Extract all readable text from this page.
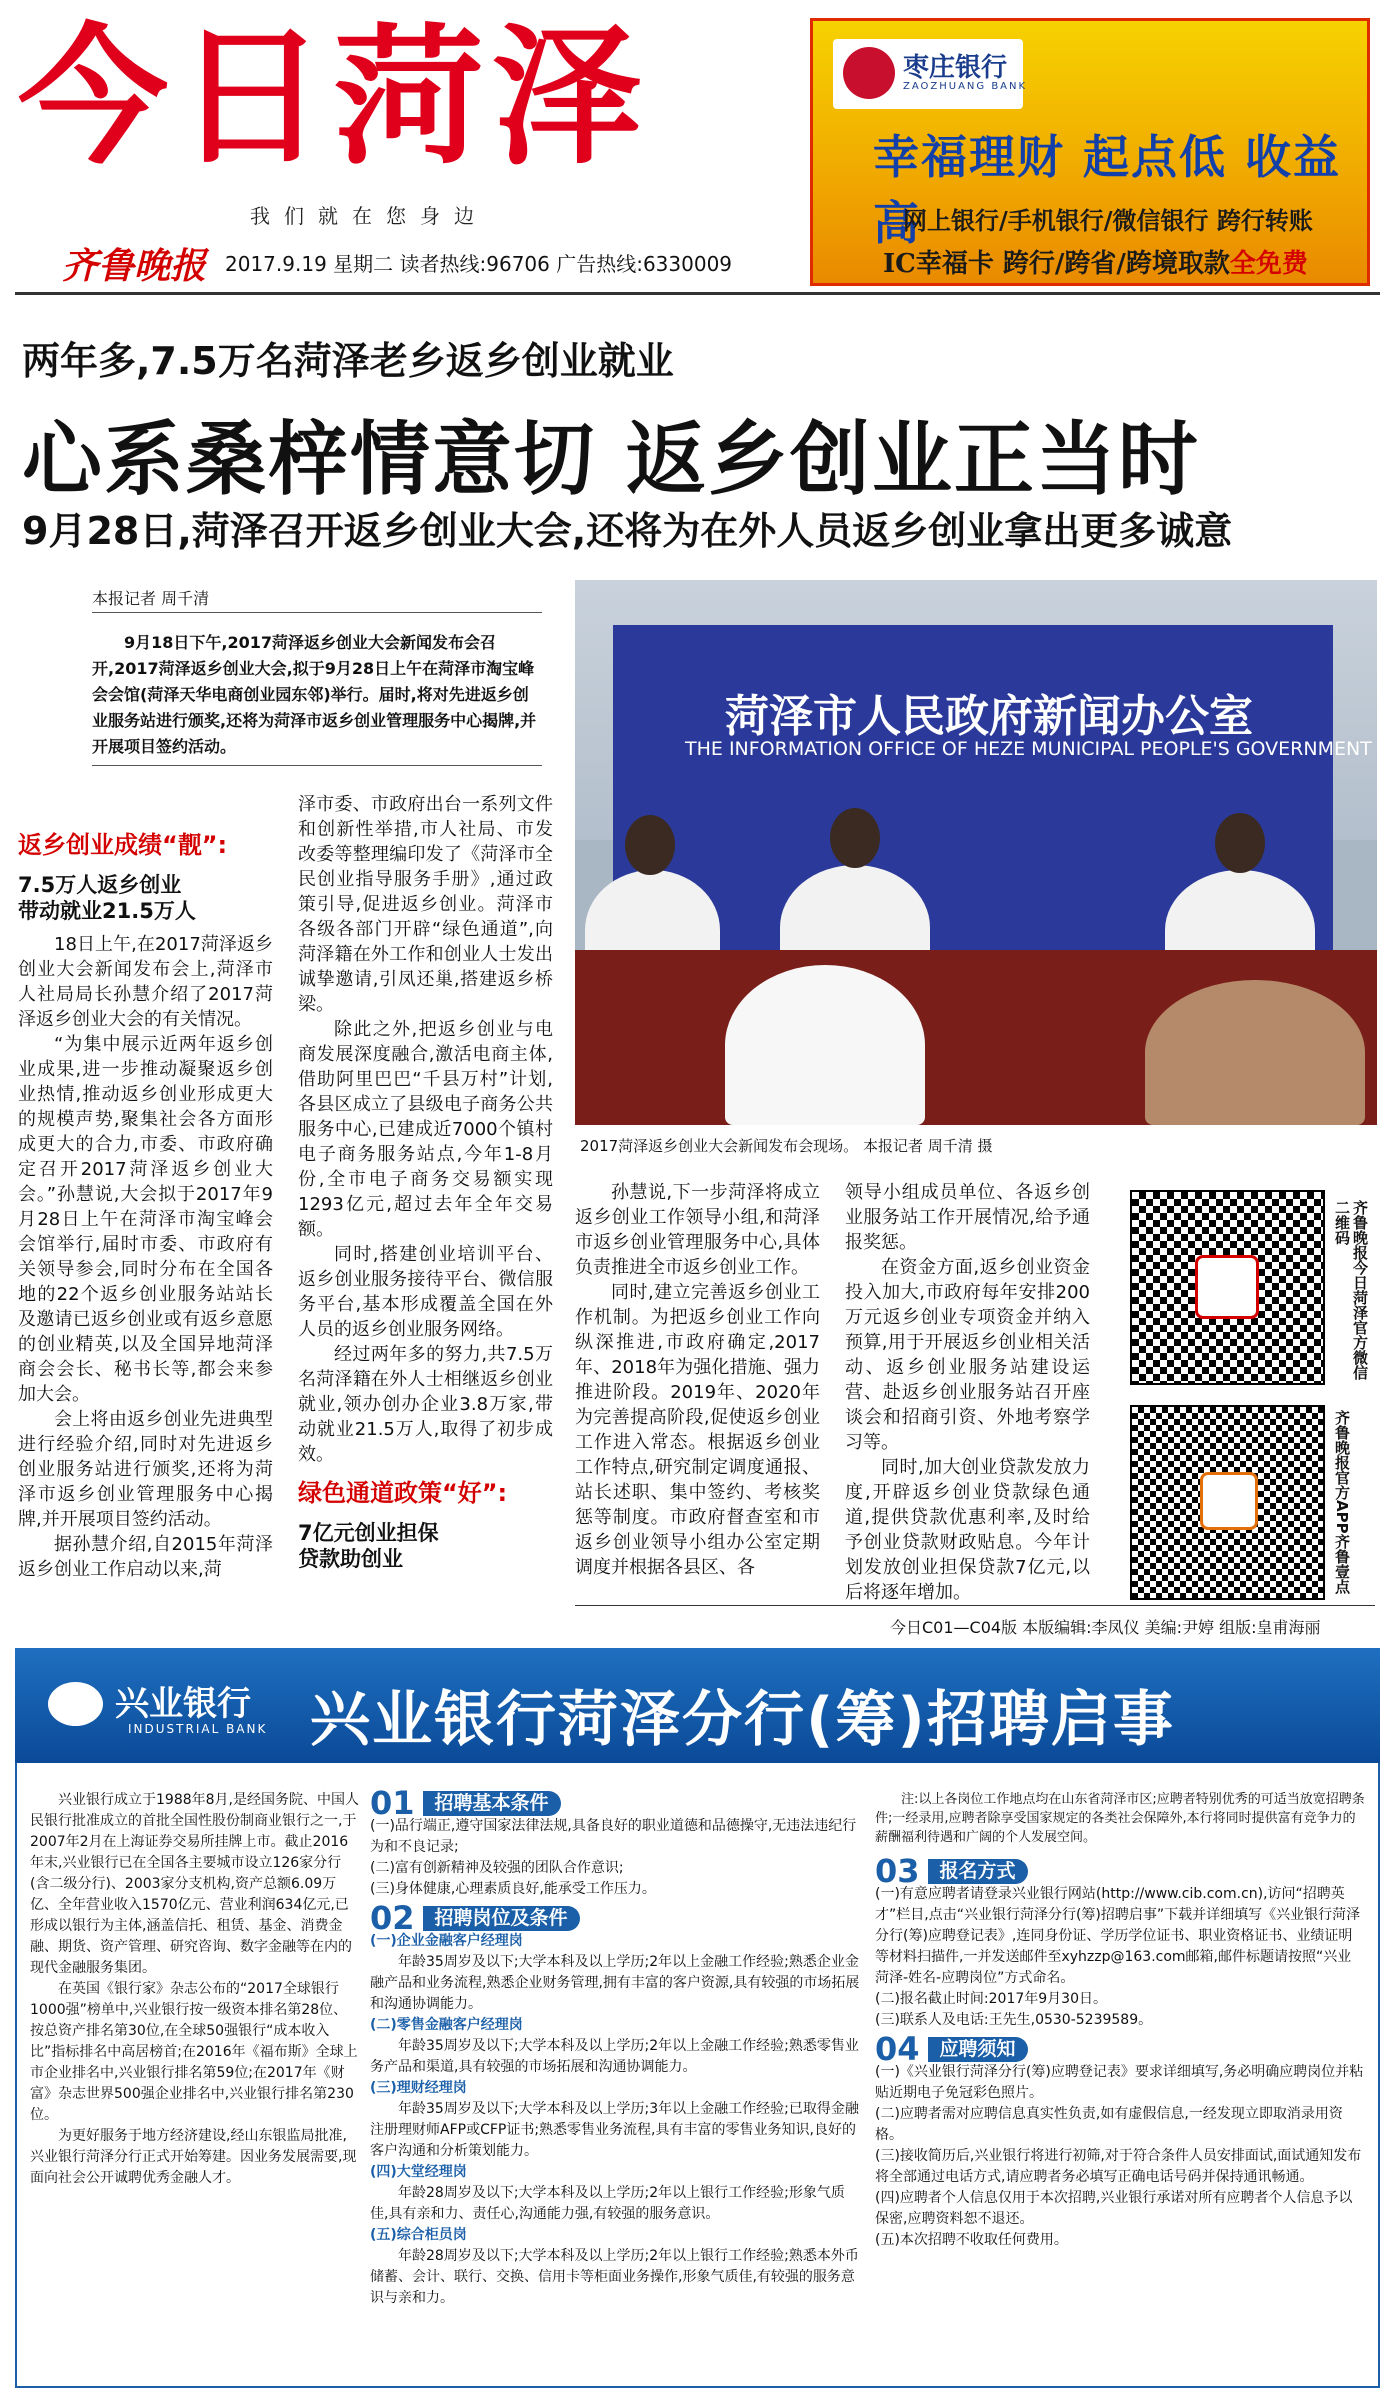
今日菏泽
我们就在您身边
齐鲁晚报 2017.9.19 星期二 读者热线:96706 广告热线:6330009
枣庄银行
ZAOZHUANG BANK
幸福理财 起点低 收益高
网上银行/手机银行/微信银行 跨行转账
IC幸福卡 跨行/跨省/跨境取款全免费
两年多,7.5万名菏泽老乡返乡创业就业
心系桑梓情意切 返乡创业正当时
9月28日,菏泽召开返乡创业大会,还将为在外人员返乡创业拿出更多诚意
本报记者 周千清
9月18日下午,2017菏泽返乡创业大会新闻发布会召开,2017菏泽返乡创业大会,拟于9月28日上午在菏泽市淘宝峰会会馆(菏泽天华电商创业园东邻)举行。届时,将对先进返乡创业服务站进行颁奖,还将为菏泽市返乡创业管理服务中心揭牌,并开展项目签约活动。
菏泽市人民政府新闻办公室
THE INFORMATION OFFICE OF HEZE MUNICIPAL PEOPLE'S GOVERNMENT
2017菏泽返乡创业大会新闻发布会现场。 本报记者 周千清 摄
返乡创业成绩“靓”:
7.5万人返乡创业
带动就业21.5万人

18日上午,在2017菏泽返乡创业大会新闻发布会上,菏泽市人社局局长孙慧介绍了2017菏泽返乡创业大会的有关情况。

“为集中展示近两年返乡创业成果,进一步推动凝聚返乡创业热情,推动返乡创业形成更大的规模声势,聚集社会各方面形成更大的合力,市委、市政府确定召开2017菏泽返乡创业大会。”孙慧说,大会拟于2017年9月28日上午在菏泽市淘宝峰会会馆举行,届时市委、市政府有关领导参会,同时分布在全国各地的22个返乡创业服务站站长及邀请已返乡创业或有返乡意愿的创业精英,以及全国异地菏泽商会会长、秘书长等,都会来参加大会。

会上将由返乡创业先进典型进行经验介绍,同时对先进返乡创业服务站进行颁奖,还将为菏泽市返乡创业管理服务中心揭牌,并开展项目签约活动。

据孙慧介绍,自2015年菏泽返乡创业工作启动以来,菏

泽市委、市政府出台一系列文件和创新性举措,市人社局、市发改委等整理编印发了《菏泽市全民创业指导服务手册》,通过政策引导,促进返乡创业。菏泽市各级各部门开辟“绿色通道”,向菏泽籍在外工作和创业人士发出诚挚邀请,引凤还巢,搭建返乡桥梁。

除此之外,把返乡创业与电商发展深度融合,激活电商主体,借助阿里巴巴“千县万村”计划,各县区成立了县级电子商务公共服务中心,已建成近7000个镇村电子商务服务站点,今年1-8月份,全市电子商务交易额实现1293亿元,超过去年全年交易额。

同时,搭建创业培训平台、返乡创业服务接待平台、微信服务平台,基本形成覆盖全国在外人员的返乡创业服务网络。

经过两年多的努力,共7.5万名菏泽籍在外人士相继返乡创业就业,领办创办企业3.8万家,带动就业21.5万人,取得了初步成效。

绿色通道政策“好”:
7亿元创业担保
贷款助创业

孙慧说,下一步菏泽将成立返乡创业工作领导小组,和菏泽市返乡创业管理服务中心,具体负责推进全市返乡创业工作。

同时,建立完善返乡创业工作机制。为把返乡创业工作向纵深推进,市政府确定,2017年、2018年为强化措施、强力推进阶段。2019年、2020年为完善提高阶段,促使返乡创业工作进入常态。根据返乡创业工作特点,研究制定调度通报、站长述职、集中签约、考核奖惩等制度。市政府督查室和市返乡创业领导小组办公室定期调度并根据各县区、各

领导小组成员单位、各返乡创业服务站工作开展情况,给予通报奖惩。

在资金方面,返乡创业资金投入加大,市政府每年安排200万元返乡创业专项资金并纳入预算,用于开展返乡创业相关活动、返乡创业服务站建设运营、赴返乡创业服务站召开座谈会和招商引资、外地考察学习等。

同时,加大创业贷款发放力度,开辟返乡创业贷款绿色通道,提供贷款优惠利率,及时给予创业贷款财政贴息。今年计划发放创业担保贷款7亿元,以后将逐年增加。

齐鲁晚报今日菏泽官方微信二维码
齐鲁晚报官方APP齐鲁壹点
今日C01—C04版 本版编辑:李凤仪 美编:尹婷 组版:皇甫海丽
兴业银行
INDUSTRIAL BANK 兴业银行菏泽分行(筹)招聘启事

兴业银行成立于1988年8月,是经国务院、中国人民银行批准成立的首批全国性股份制商业银行之一,于2007年2月在上海证券交易所挂牌上市。截止2016年末,兴业银行已在全国各主要城市设立126家分行(含二级分行)、2003家分支机构,资产总额6.09万亿、全年营业收入1570亿元、营业利润634亿元,已形成以银行为主体,涵盖信托、租赁、基金、消费金融、期货、资产管理、研究咨询、数字金融等在内的现代金融服务集团。

在英国《银行家》杂志公布的“2017全球银行1000强”榜单中,兴业银行按一级资本排名第28位、按总资产排名第30位,在全球50强银行“成本收入比”指标排名中高居榜首;在2016年《福布斯》全球上市企业排名中,兴业银行排名第59位;在2017年《财富》杂志世界500强企业排名中,兴业银行排名第230位。

为更好服务于地方经济建设,经山东银监局批准,兴业银行菏泽分行正式开始筹建。因业务发展需要,现面向社会公开诚聘优秀金融人才。

01	招聘基本条件
(一)品行端正,遵守国家法律法规,具备良好的职业道德和品德操守,无违法违纪行为和不良记录;
(二)富有创新精神及较强的团队合作意识;
(三)身体健康,心理素质良好,能承受工作压力。
02	招聘岗位及条件
(一)企业金融客户经理岗

年龄35周岁及以下;大学本科及以上学历;2年以上金融工作经验;熟悉企业金融产品和业务流程,熟悉企业财务管理,拥有丰富的客户资源,具有较强的市场拓展和沟通协调能力。

(二)零售金融客户经理岗

年龄35周岁及以下;大学本科及以上学历;2年以上金融工作经验;熟悉零售业务产品和渠道,具有较强的市场拓展和沟通协调能力。

(三)理财经理岗

年龄35周岁及以下;大学本科及以上学历;3年以上金融工作经验;已取得金融注册理财师AFP或CFP证书;熟悉零售业务流程,具有丰富的零售业务知识,良好的客户沟通和分析策划能力。

(四)大堂经理岗

年龄28周岁及以下;大学本科及以上学历;2年以上银行工作经验;形象气质佳,具有亲和力、责任心,沟通能力强,有较强的服务意识。

(五)综合柜员岗

年龄28周岁及以下;大学本科及以上学历;2年以上银行工作经验;熟悉本外币储蓄、会计、联行、交换、信用卡等柜面业务操作,形象气质佳,有较强的服务意识与亲和力。

注:以上各岗位工作地点均在山东省菏泽市区;应聘者特别优秀的可适当放宽招聘条件;一经录用,应聘者除享受国家规定的各类社会保障外,本行将同时提供富有竞争力的薪酬福利待遇和广阔的个人发展空间。

03	报名方式
(一)有意应聘者请登录兴业银行网站(http://www.cib.com.cn),访问“招聘英才”栏目,点击“兴业银行菏泽分行(筹)招聘启事”下载并详细填写《兴业银行菏泽分行(筹)应聘登记表》,连同身份证、学历学位证书、职业资格证书、业绩证明等材料扫描件,一并发送邮件至xyhzzp@163.com邮箱,邮件标题请按照“兴业菏泽-姓名-应聘岗位”方式命名。
(二)报名截止时间:2017年9月30日。
(三)联系人及电话:王先生,0530-5239589。
04	应聘须知
(一)《兴业银行菏泽分行(筹)应聘登记表》要求详细填写,务必明确应聘岗位并粘贴近期电子免冠彩色照片。
(二)应聘者需对应聘信息真实性负责,如有虚假信息,一经发现立即取消录用资格。
(三)接收简历后,兴业银行将进行初筛,对于符合条件人员安排面试,面试通知发布将全部通过电话方式,请应聘者务必填写正确电话号码并保持通讯畅通。
(四)应聘者个人信息仅用于本次招聘,兴业银行承诺对所有应聘者个人信息予以保密,应聘资料恕不退还。
(五)本次招聘不收取任何费用。
